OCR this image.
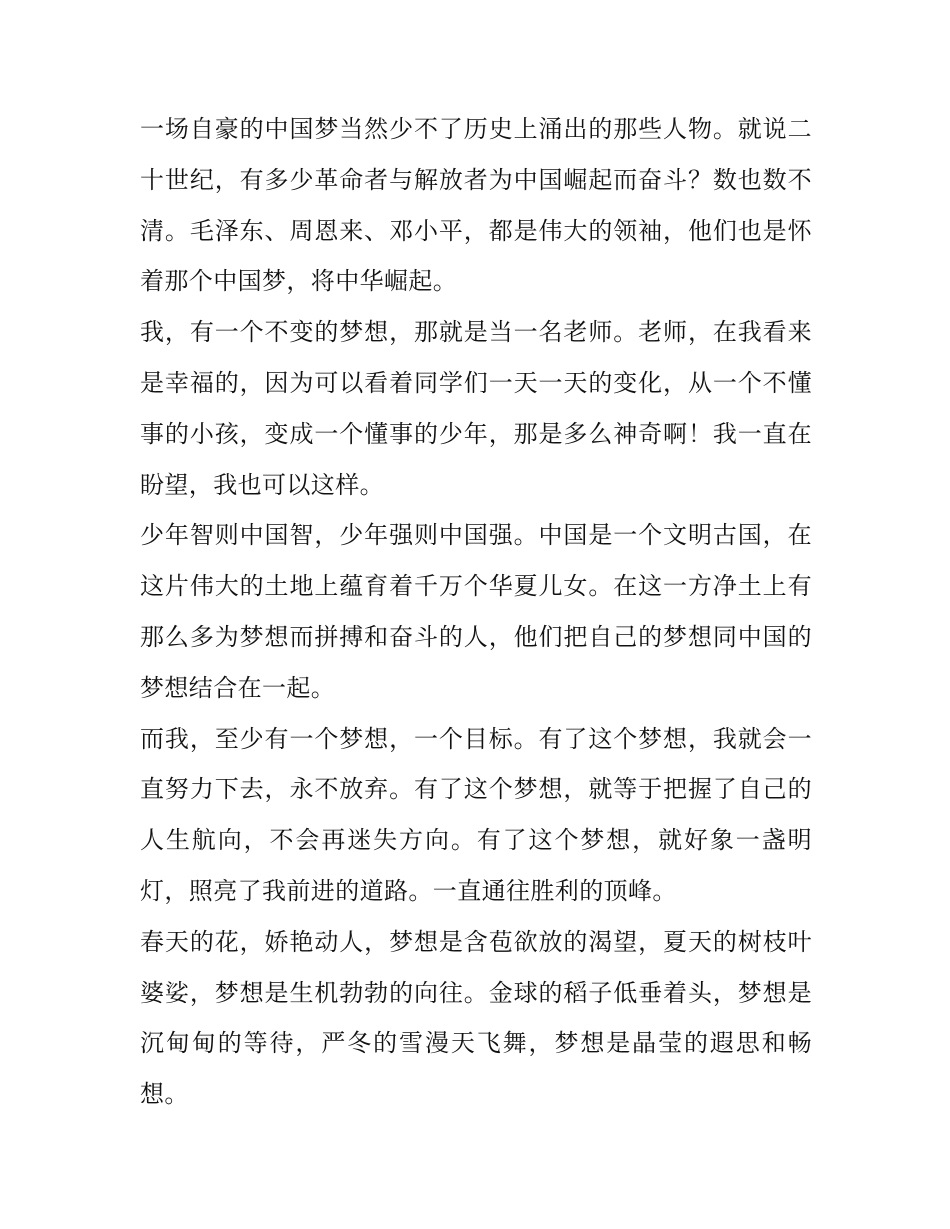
一场自豪的中国梦当然少不了历史上涌出的那些人物。就说二十世纪，有多少革命者与解放者为中国崛起而奋斗？数也数不清。毛泽东、周恩来、邓小平，都是伟大的领袖，他们也是怀着那个中国梦，将中华崛起。

我，有一个不变的梦想，那就是当一名老师。老师，在我看来是幸福的，因为可以看着同学们一天一天的变化，从一个不懂事的小孩，变成一个懂事的少年，那是多么神奇啊！我一直在盼望，我也可以这样。

少年智则中国智，少年强则中国强。中国是一个文明古国，在这片伟大的土地上蕴育着千万个华夏儿女。在这一方净土上有那么多为梦想而拼搏和奋斗的人，他们把自己的梦想同中国的梦想结合在一起。

而我，至少有一个梦想，一个目标。有了这个梦想，我就会一直努力下去，永不放弃。有了这个梦想，就等于把握了自己的人生航向，不会再迷失方向。有了这个梦想，就好象一盏明灯，照亮了我前进的道路。一直通往胜利的顶峰。

春天的花，娇艳动人，梦想是含苞欲放的渴望，夏天的树枝叶婆娑，梦想是生机勃勃的向往。金球的稻子低垂着头，梦想是沉甸甸的等待，严冬的雪漫天飞舞，梦想是晶莹的遐思和畅想。
